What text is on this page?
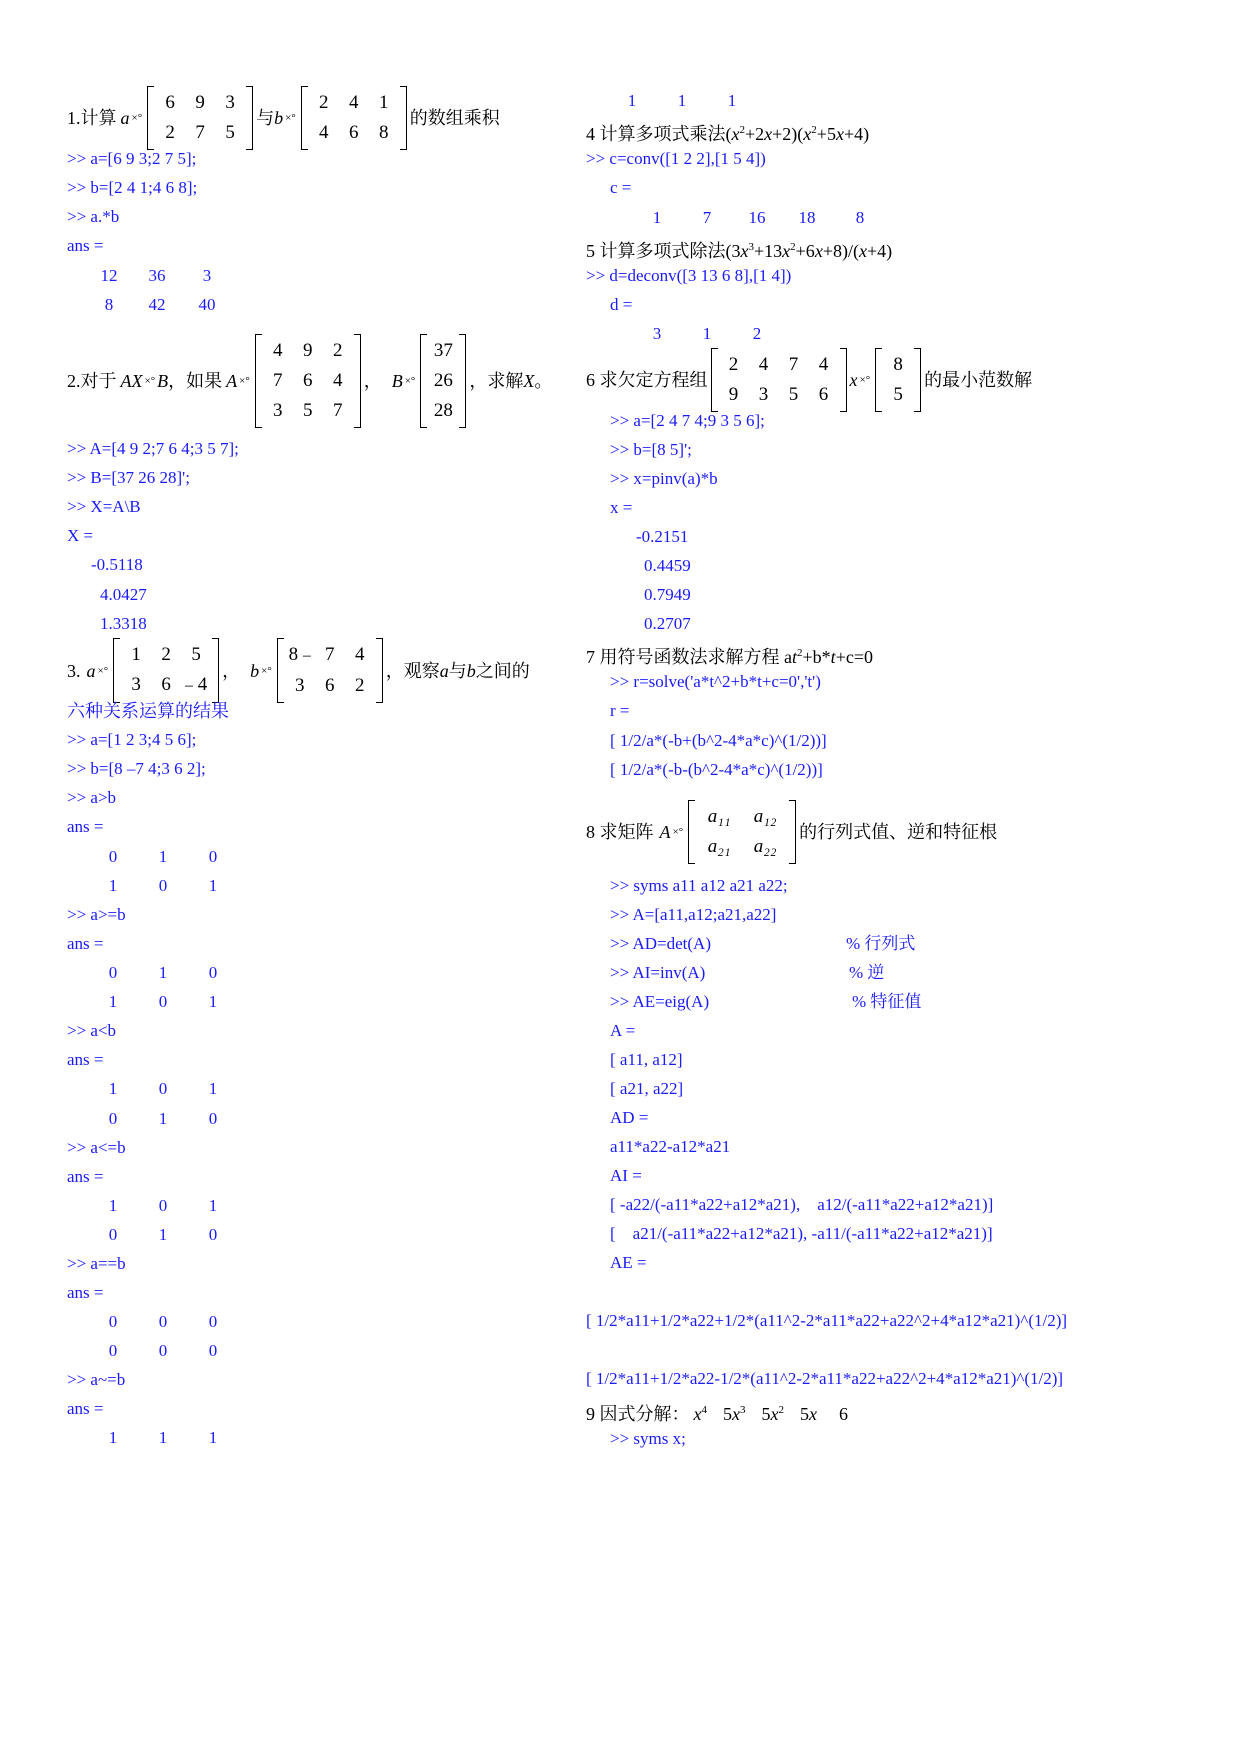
1. 计算 a ×°
6	9	3
2	7	5
与 b ×°
2	4	1
4	6	8
的数组乘积
>> a=[6 9 3;2 7 5];
>> b=[2 4 1;4 6 8];
>> a.*b
ans =
12 36 3
8 42 40
2. 对于 AX ×° B ，如果 A ×°
4	9	2
7	6	4
3	5	7
， B ×°
37
26
28
，求解 X 。
>> A=[4 9 2;7 6 4;3 5 7];
>> B=[37 26 28]';
>> X=A\B
X =
-0.5118
4.0427
1.3318
3. a ×°
1	2	5
3	6 – 4
， b ×°
8 – 7	4
3	6	2
，观察 a 与 b 之间的
六种关系运算的结果
>> a=[1 2 3;4 5 6];
>> b=[8 –7 4;3 6 2];
>> a>b
ans =
0 1 0
1 0 1
>> a>=b
ans =
0 1 0
1 0 1
>> a<b
ans =
1 0 1
0 1 0
>> a<=b
ans =
1 0 1
0 1 0
>> a==b
ans =
0 0 0
0 0 0
>> a~=b
ans =
1 1 1
1 1 1
4 计算多项式乘法$(x^2+2x+2)(x^2+5x+4)$
>> c=conv([1 2 2],[1 5 4])
c =
1 7 16 18 8
5 计算多项式除法$(3x^3+13x^2+6x+8)/(x+4)$
>> d=deconv([3 13 6 8],[1 4])
d =
3 1 2
6 求欠定方程组
2	4	7	4
9	3	5	6
x ×°
8
5
的最小范数解
>> a=[2 4 7 4;9 3 5 6];
>> b=[8 5]';
>> x=pinv(a)*b
x =
-0.2151
0.4459
0.7949
0.2707
7 用符号函数法求解方程 $at^2+b*t+c=0$
>> r=solve('a*t^2+b*t+c=0','t')
r =
[ 1/2/a*(-b+(b^2-4*a*c)^(1/2))]
[ 1/2/a*(-b-(b^2-4*a*c)^(1/2))]
8 求矩阵 A ×°
a₁₁	a₁₂
a₂₁	a₂₂
的行列式值、逆和特征根
>> syms a11 a12 a21 a22;
>> A=[a11,a12;a21,a22]
>> AD=det(A)	% 行列式
>> AI=inv(A)	% 逆
>> AE=eig(A)	% 特征值
A =
[ a11, a12]
[ a21, a22]
AD =
a11*a22-a12*a21
AI =
[ -a22/(-a11*a22+a12*a21),    a12/(-a11*a22+a12*a21)]
[    a21/(-a11*a22+a12*a21), -a11/(-a11*a22+a12*a21)]
AE =
[ 1/2*a11+1/2*a22+1/2*(a11^2-2*a11*a22+a22^2+4*a12*a21)^(1/2)]
[ 1/2*a11+1/2*a22-1/2*(a11^2-2*a11*a22+a22^2+4*a12*a21)^(1/2)]
9 因式分解： $x^4$ $5x^3$ $5x^2$ 5x 6
>> syms x;
